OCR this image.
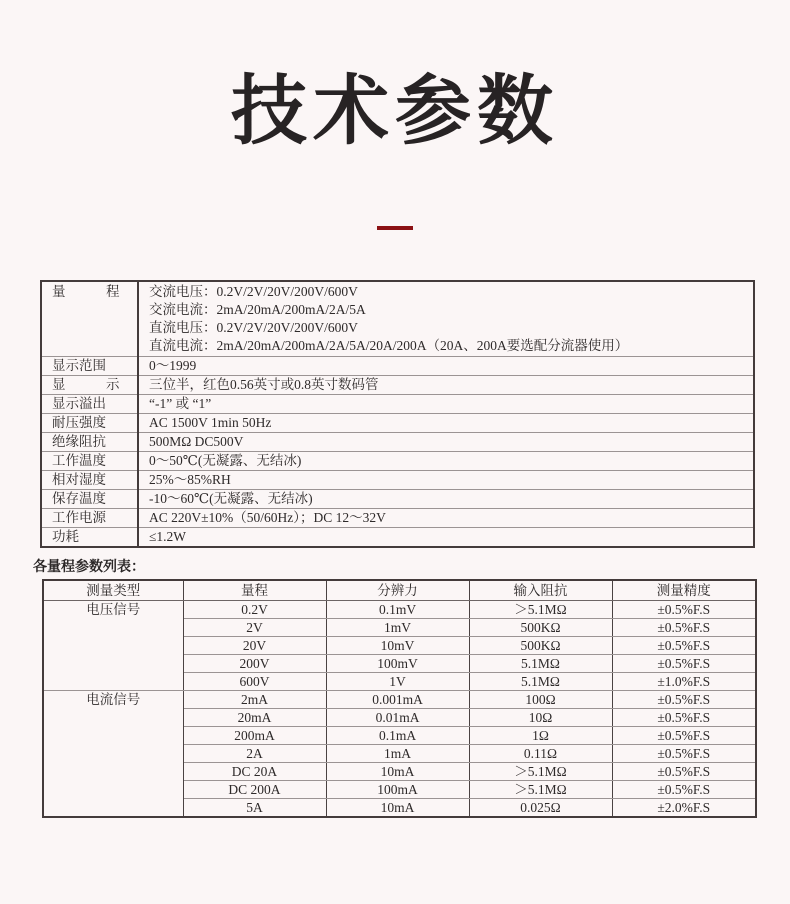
技术参数
量　　　程	交流电压：0.2V/2V/20V/200V/600V
交流电流：2mA/20mA/200mA/2A/5A
直流电压：0.2V/2V/20V/200V/600V
直流电流：2mA/20mA/200mA/2A/5A/20A/200A（20A、200A要选配分流器使用）

显示范围	0～1999

显　　　示	三位半，红色0.56英寸或0.8英寸数码管

显示溢出	“-1” 或 “1”

耐压强度	AC 1500V 1min 50Hz

绝缘阻抗	500MΩ DC500V

工作温度	0～50℃(无凝露、无结冰)

相对湿度	25%～85%RH

保存温度	-10～60℃(无凝露、无结冰)

工作电源	AC 220V±10%（50/60Hz）；DC 12～32V

功耗	≤1.2W
各量程参数列表：
测量类型	量程	分辨力	输入阻抗	测量精度
电压信号	0.2V	0.1mV	＞5.1MΩ	±0.5%F.S
	2V	1mV	500KΩ	±0.5%F.S
	20V	10mV	500KΩ	±0.5%F.S
	200V	100mV	5.1MΩ	±0.5%F.S
	600V	1V	5.1MΩ	±1.0%F.S
电流信号	2mA	0.001mA	100Ω	±0.5%F.S
	20mA	0.01mA	10Ω	±0.5%F.S
	200mA	0.1mA	1Ω	±0.5%F.S
	2A	1mA	0.11Ω	±0.5%F.S
	DC 20A	10mA	＞5.1MΩ	±0.5%F.S
	DC 200A	100mA	＞5.1MΩ	±0.5%F.S
	5A	10mA	0.025Ω	±2.0%F.S
